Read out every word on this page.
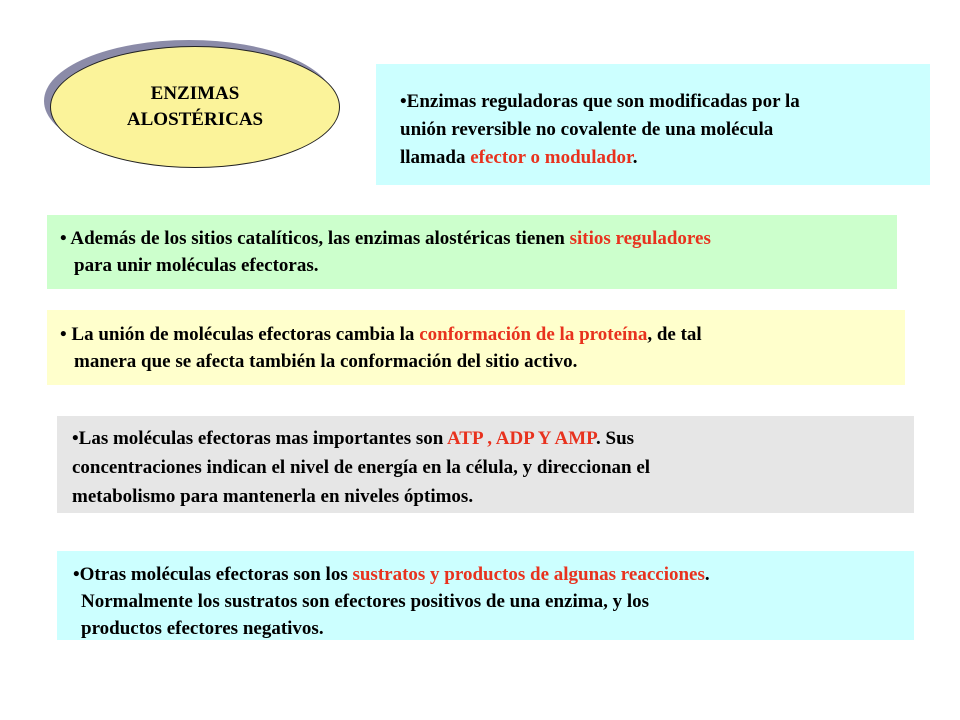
ENZIMAS
ALOSTÉRICAS
•Enzimas reguladoras que son modificadas por la
unión reversible no covalente de una molécula
llamada efector o modulador.
• Además de los sitios catalíticos, las enzimas alostéricas tienen sitios reguladores
para unir moléculas efectoras.
• La unión de moléculas efectoras cambia la conformación de la proteína, de tal
manera que se afecta también la conformación del sitio activo.
•Las moléculas efectoras mas importantes son ATP , ADP Y AMP. Sus
concentraciones indican el nivel de energía en la célula, y direccionan el
metabolismo para mantenerla en niveles óptimos.
•Otras moléculas efectoras son los sustratos y productos de algunas reacciones.
Normalmente los sustratos son efectores positivos de una enzima, y los
productos efectores negativos.
